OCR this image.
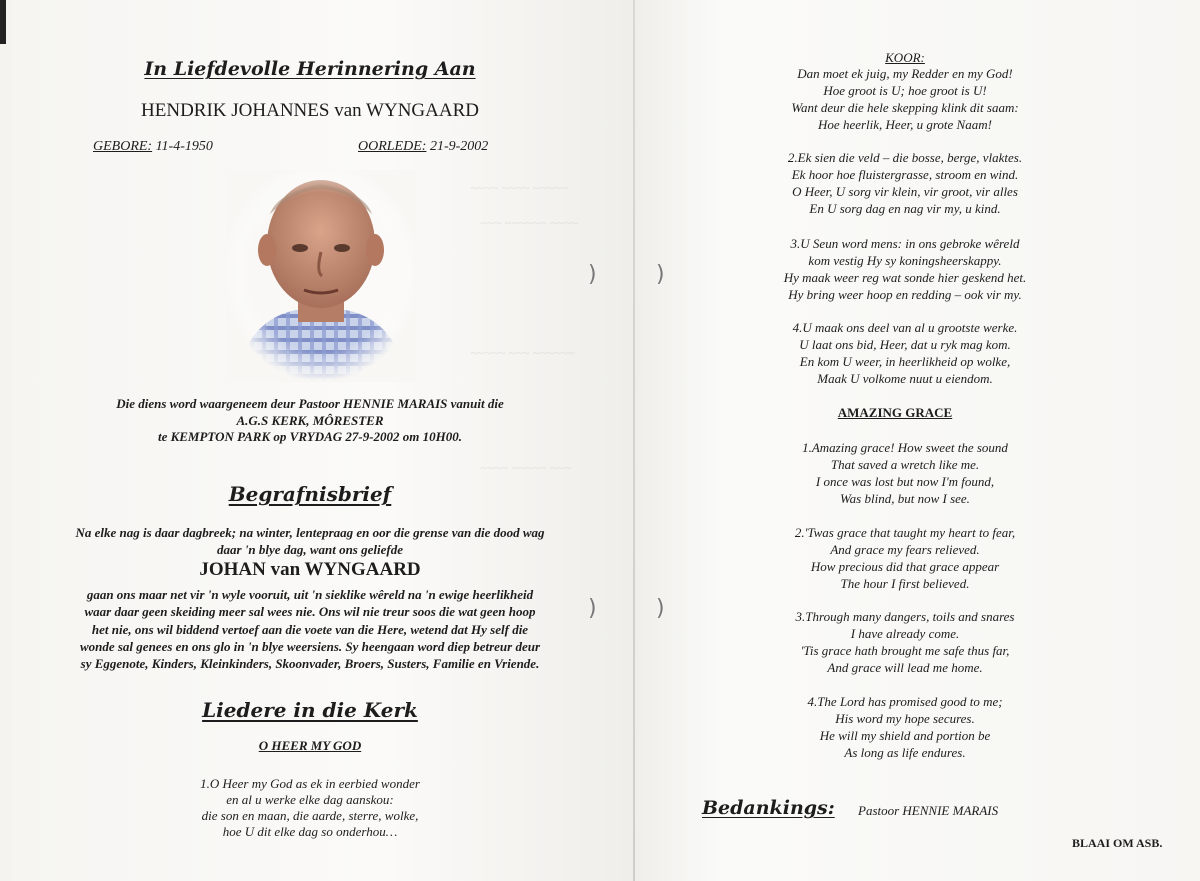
~~~~ ~~~~ ~~~~~
~~~ ~~~~~~ ~~~~
~~~~~ ~~~ ~~~~~~
~~~~ ~~~~~ ~~~
)	)
)	)
In Liefdevolle Herinnering Aan
HENDRIK JOHANNES van WYNGAARD
GEBORE: 11-4-1950	OORLEDE: 21-9-2002
Die diens word waargeneem deur Pastoor HENNIE MARAIS vanuit die
A.G.S KERK, MÔRESTER
te KEMPTON PARK op VRYDAG 27-9-2002 om 10H00.
Begrafnisbrief
Na elke nag is daar dagbreek; na winter, lentepraag en oor die grense van die dood wag
daar 'n blye dag, want ons geliefde
JOHAN van WYNGAARD
gaan ons maar net vir 'n wyle vooruit, uit 'n sieklike wêreld na 'n ewige heerlikheid
waar daar geen skeiding meer sal wees nie. Ons wil nie treur soos die wat geen hoop
het nie, ons wil biddend vertoef aan die voete van die Here, wetend dat Hy self die
wonde sal genees en ons glo in 'n blye weersiens. Sy heengaan word diep betreur deur
sy Eggenote, Kinders, Kleinkinders, Skoonvader, Broers, Susters, Familie en Vriende.
Liedere in die Kerk
O HEER MY GOD
1.O Heer my God as ek in eerbied wonder
en al u werke elke dag aanskou:
die son en maan, die aarde, sterre, wolke,
hoe U dit elke dag so onderhou…
KOOR:
Dan moet ek juig, my Redder en my God!
Hoe groot is U; hoe groot is U!
Want deur die hele skepping klink dit saam:
Hoe heerlik, Heer, u grote Naam!
2.Ek sien die veld – die bosse, berge, vlaktes.
Ek hoor hoe fluistergrasse, stroom en wind.
O Heer, U sorg vir klein, vir groot, vir alles
En U sorg dag en nag vir my, u kind.
3.U Seun word mens: in ons gebroke wêreld
kom vestig Hy sy koningsheerskappy.
Hy maak weer reg wat sonde hier geskend het.
Hy bring weer hoop en redding – ook vir my.
4.U maak ons deel van al u grootste werke.
U laat ons bid, Heer, dat u ryk mag kom.
En kom U weer, in heerlikheid op wolke,
Maak U volkome nuut u eiendom.
AMAZING GRACE
1.Amazing grace! How sweet the sound
That saved a wretch like me.
I once was lost but now I'm found,
Was blind, but now I see.
2.'Twas grace that taught my heart to fear,
And grace my fears relieved.
How precious did that grace appear
The hour I first believed.
3.Through many dangers, toils and snares
I have already come.
'Tis grace hath brought me safe thus far,
And grace will lead me home.
4.The Lord has promised good to me;
His word my hope secures.
He will my shield and portion be
As long as life endures.
Bedankings: Pastoor HENNIE MARAIS
BLAAI OM ASB.
